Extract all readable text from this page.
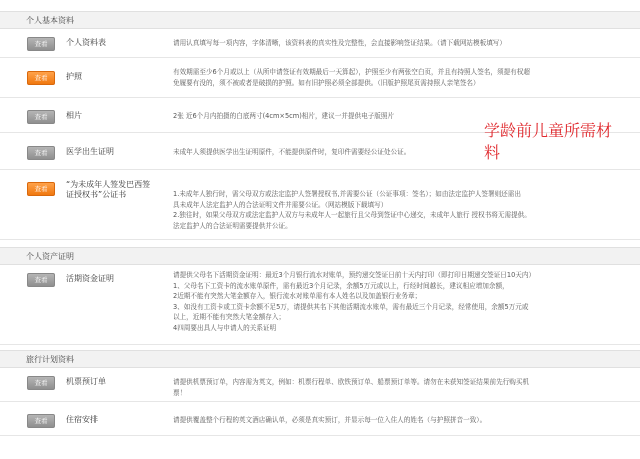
个人基本资料
查看	个人资料表	请用认真填写每一项内容，字体清晰，该资料表的真实性及完整性，会直接影响签证结果。（请下载网站模板填写）
查看	护照	有效期需至少6个月或以上（从所申请签证有效期最后一天算起），护照至少有两张空白页，并且有持照人签名，须提有权超
免履要有没的，须不被或者是破损的护照。如有旧护照必须全部提供。（旧版护照尾页需持照人亲笔签名）
查看	相片	2张 近6个月内拍摄的白底两寸(4cm×5cm)相片，建议一并提供电子版照片
查看	医学出生证明	未成年人须提供医学出生证明原件，不能提供原件时，复印件需要经公证处公证。
查看	“为未成年人签发巴西签
证授权书”公证书	1.未成年人独行时，需父母双方或法定监护人签署授权书,并需要公证（公证事项：签名）；如由法定监护人签署则还需出
具未成年人法定监护人的合法证明文件并需要公证。（网站模版下载填写）
2.独往时，如果父母双方或法定监护人双方与未成年人一起旅行且父母到签证中心递交，未成年人旅行 授权书将无需提供。
法定监护人的合法证明需要提供并公证。
个人资产证明
查看	活期资金证明	请提供父母名下活期资金证明：最近3个月银行流水对账单，预约递交签证日前十天内打印（即打印日期递交签证日10天内）
1、父母名下工资卡的流水账单原件，需有最近3个月记录，余额5万元或以上，行经时间越长，建议相应增加余额，
2近期不能有突然大笔金额存入，银行流水对账单需有本人姓名以及加盖银行业务章；
3、如没有工资卡或工资卡余额不足5万，请提供其名下其他活期流水账单，需有最近三个月记录，经常使用，余额5万元或
以上，近期不能有突然大笔金额存入；
4四周要出具人与申请人的关系证明
旅行计划资料
查看	机票预订单	请提供机票预订单，内容需为英文，例如：机票行程单、欧铁预订单、船票预订单等。请勿在未获知签证结果前先行购买机
票！
查看	住宿安排	请提供覆盖整个行程的英文酒店确认单，必须是真实预订，并显示每一位入住人的姓名（与护照拼音一致）。
学龄前儿童所需材
料
